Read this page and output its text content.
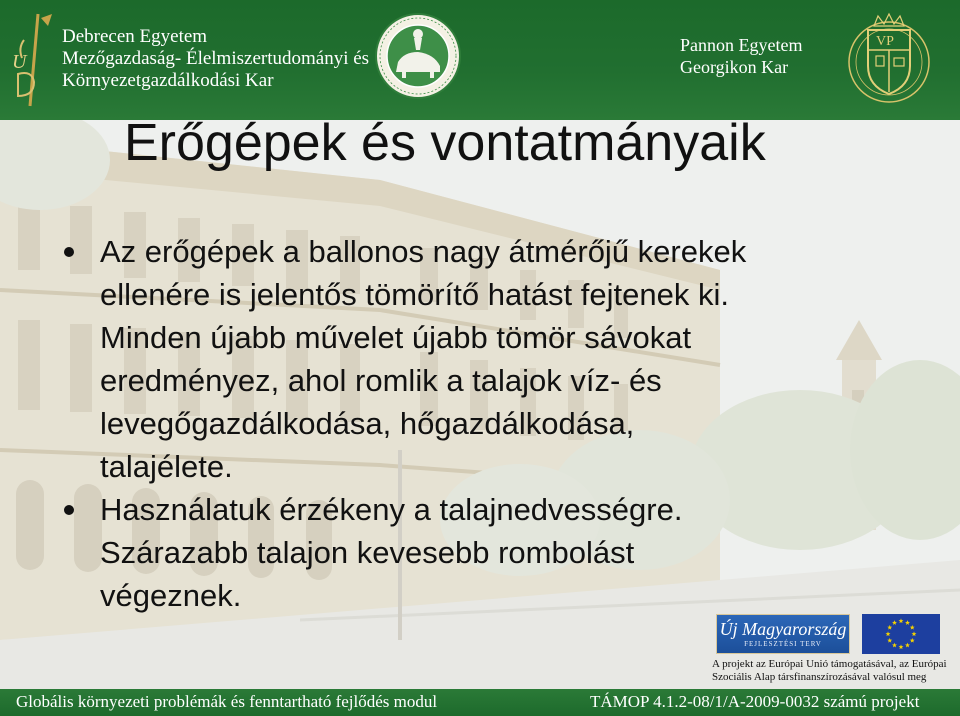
U
Debrecen Egyetem
Mezőgazdaság- Élelmiszertudományi és
Környezetgazdálkodási Kar
Pannon Egyetem
Georgikon Kar
VP
Erőgépek és vontatmányaik
Az erőgépek a ballonos nagy átmérőjű kerekek
ellenére is jelentős tömörítő hatást fejtenek ki.
Minden újabb művelet újabb tömör sávokat
eredményez, ahol romlik a talajok víz- és
levegőgazdálkodása, hőgazdálkodása,
talajélete.
Használatuk érzékeny a talajnedvességre.
Szárazabb talajon kevesebb rombolást
végeznek.
Új Magyarország
FEJLESZTÉSI TERV
A projekt az Európai Unió támogatásával, az Európai
Szociális Alap társfinanszírozásával valósul meg
Globális környezeti problémák és fenntartható fejlődés modul	TÁMOP 4.1.2-08/1/A-2009-0032 számú projekt
